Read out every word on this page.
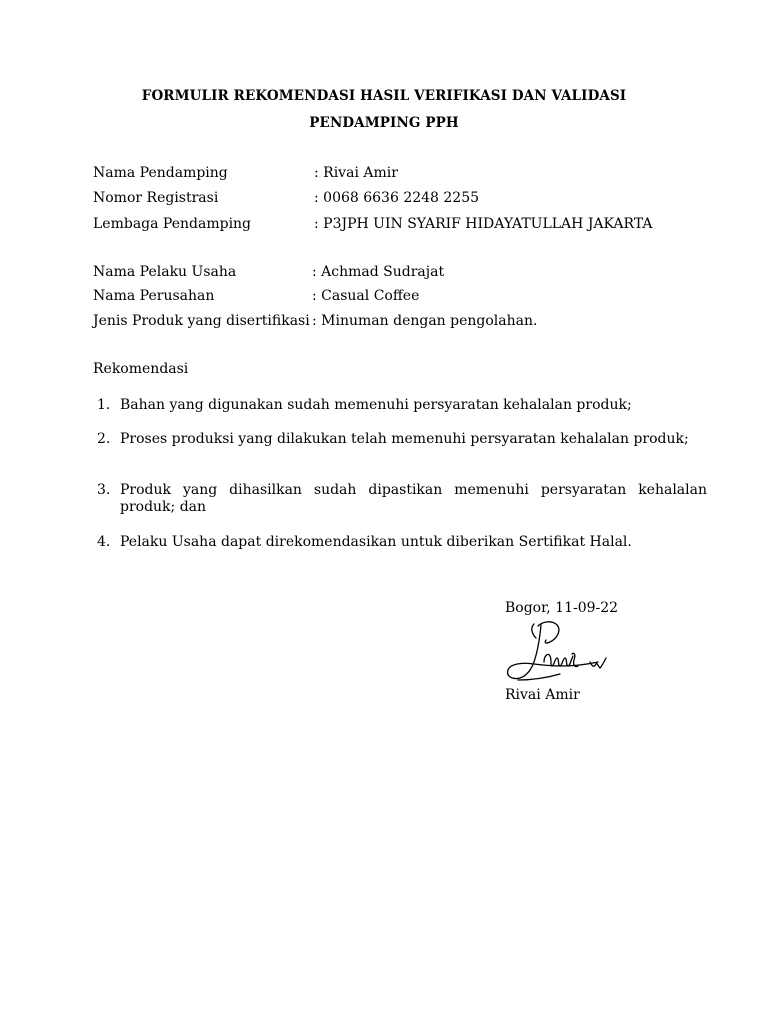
FORMULIR REKOMENDASI HASIL VERIFIKASI DAN VALIDASI
PENDAMPING PPH
Nama Pendamping	: Rivai Amir
Nomor Registrasi	: 0068 6636 2248 2255
Lembaga Pendamping	: P3JPH UIN SYARIF HIDAYATULLAH JAKARTA
Nama Pelaku Usaha	: Achmad Sudrajat
Nama Perusahan	: Casual Coffee
Jenis Produk yang disertifikasi : Minuman dengan pengolahan.
Rekomendasi
1. Bahan yang digunakan sudah memenuhi persyaratan kehalalan produk;
2. Proses produksi yang dilakukan telah memenuhi persyaratan kehalalan produk;
3. Produk yang dihasilkan sudah dipastikan memenuhi persyaratan kehalalan produk; dan
4. Pelaku Usaha dapat direkomendasikan untuk diberikan Sertifikat Halal.
Bogor, 11-09-22
Rivai Amir
